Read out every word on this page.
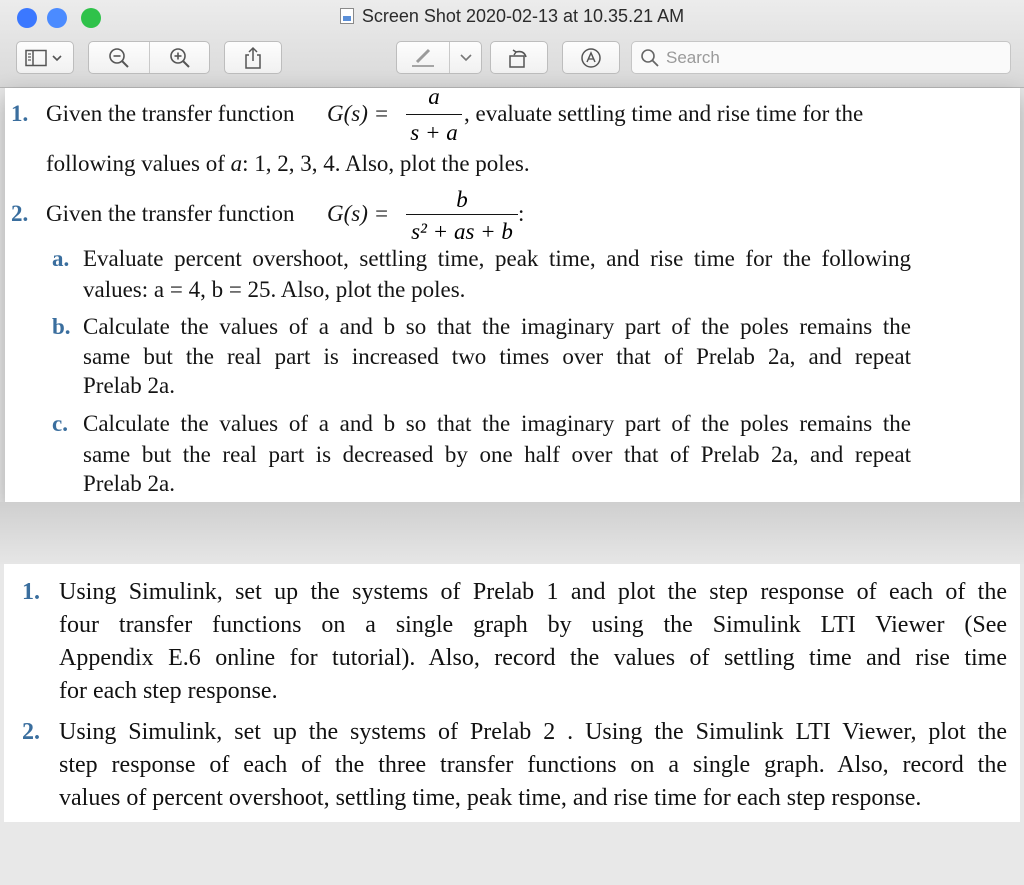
Screen Shot 2020-02-13 at 10.35.21 AM
Search
1. Given the transfer function G(s) =
a
s + a
, evaluate settling time and rise time for the
following values of a: 1, 2, 3, 4. Also, plot the poles.
2. Given the transfer function G(s) =
b
s² + as + b
:
a. Evaluate percent overshoot, settling time, peak time, and rise time for the following
values: a = 4, b = 25. Also, plot the poles.
b. Calculate the values of a and b so that the imaginary part of the poles remains the
same but the real part is increased two times over that of Prelab 2a, and repeat
Prelab 2a.
c. Calculate the values of a and b so that the imaginary part of the poles remains the
same but the real part is decreased by one half over that of Prelab 2a, and repeat
Prelab 2a.
1. Using Simulink, set up the systems of Prelab 1 and plot the step response of each of the
four transfer functions on a single graph by using the Simulink LTI Viewer (See
Appendix E.6 online for tutorial). Also, record the values of settling time and rise time
for each step response.
2. Using Simulink, set up the systems of Prelab 2 . Using the Simulink LTI Viewer, plot the
step response of each of the three transfer functions on a single graph. Also, record the
values of percent overshoot, settling time, peak time, and rise time for each step response.
